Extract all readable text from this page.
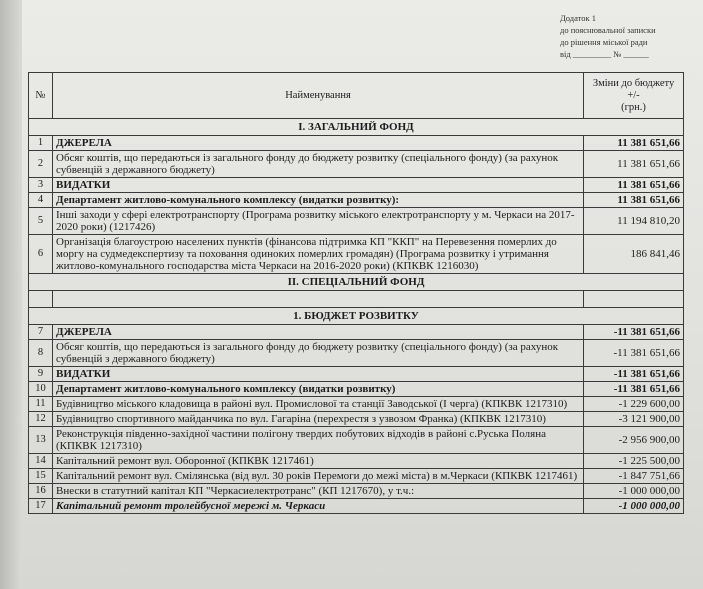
Додаток 1
до пояснювальної записки
до рішення міської ради
від _________ № ______
№	Найменування	Зміни до бюджету
+/-
(грн.)

І. ЗАГАЛЬНИЙ ФОНД		
1	ДЖЕРЕЛА	11 381 651,66
2	Обсяг коштів, що передаються із загального фонду до бюджету розвитку (спеціального фонду) (за рахунок субвенцій з державного бюджету)	11 381 651,66
3	ВИДАТКИ	11 381 651,66
4	Департамент житлово-комунального комплексу (видатки розвитку):	11 381 651,66
5	Інші заходи у сфері електротранспорту (Програма розвитку міського електротранспорту у м. Черкаси на 2017-2020 роки) (1217426)	11 194 810,20
6	Організація благоустрою населених пунктів (фінансова підтримка КП "ККП" на Перевезення померлих до моргу на судмедекспертизу та поховання одиноких померлих громадян) (Програма розвитку і утримання житлово-комунального господарства міста Черкаси на 2016-2020 роки) (КПКВК 1216030)	186 841,46
ІІ. СПЕЦІАЛЬНИЙ ФОНД		

1. БЮДЖЕТ РОЗВИТКУ		
7	ДЖЕРЕЛА	-11 381 651,66
8	Обсяг коштів, що передаються із загального фонду до бюджету розвитку (спеціального фонду) (за рахунок субвенцій з державного бюджету)	-11 381 651,66
9	ВИДАТКИ	-11 381 651,66
10	Департамент житлово-комунального комплексу (видатки розвитку)	-11 381 651,66
11	Будівництво міського кладовища в районі вул. Промислової та станції Заводської (І черга) (КПКВК 1217310)	-1 229 600,00
12	Будівництво спортивного майданчика по вул. Гагаріна (перехрестя з узвозом Франка) (КПКВК 1217310)	-3 121 900,00
13	Реконструкція південно-західної частини полігону твердих побутових відходів в районі с.Руська Поляна (КПКВК 1217310)	-2 956 900,00
14	Капітальний ремонт вул. Оборонної (КПКВК 1217461)	-1 225 500,00
15	Капітальний ремонт вул. Смілянська (від вул. 30 років Перемоги до межі міста) в м.Черкаси (КПКВК 1217461)	-1 847 751,66
16	Внески в статутний капітал КП "Черкасиелектротранс" (КП 1217670), у т.ч.:	-1 000 000,00
17	Капітальний ремонт тролейбусної мережі м. Черкаси	-1 000 000,00
